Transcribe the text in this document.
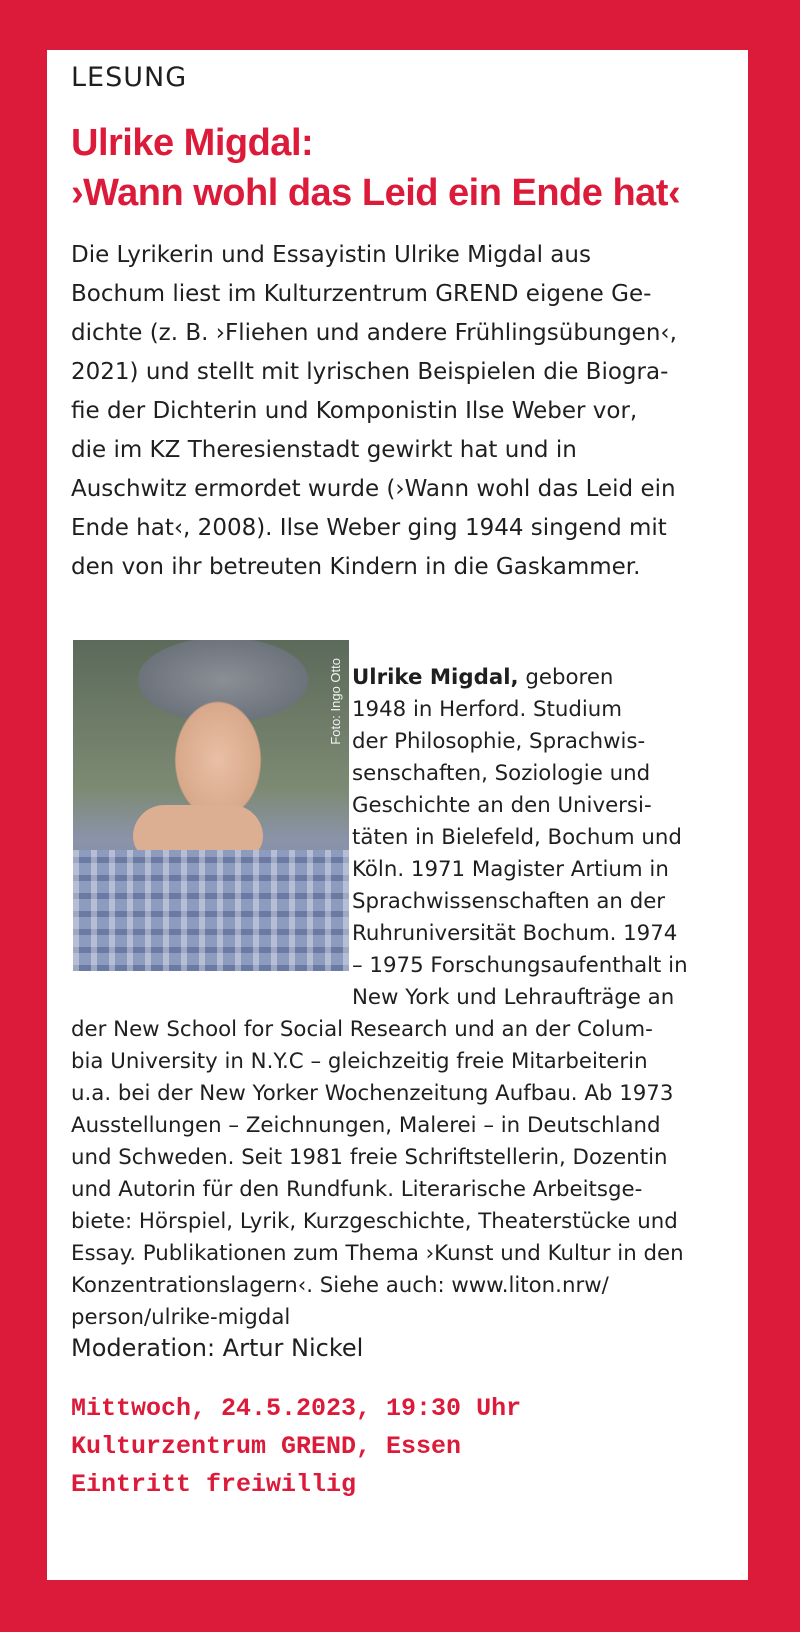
LESUNG
Ulrike Migdal:
›Wann wohl das Leid ein Ende hat‹

Die Lyrikerin und Essayistin Ulrike Migdal aus
Bochum liest im Kulturzentrum GREND eigene Ge-
dichte (z. B. ›Fliehen und andere Frühlingsübungen‹,
2021) und stellt mit lyrischen Beispielen die Biogra-
fie der Dichterin und Komponistin Ilse Weber vor,
die im KZ Theresienstadt gewirkt hat und in
Auschwitz ermordet wurde (›Wann wohl das Leid ein
Ende hat‹, 2008). Ilse Weber ging 1944 singend mit
den von ihr betreuten Kindern in die Gaskammer.

Foto: Ingo Otto Ulrike Migdal, geboren
1948 in Herford. Studium
der Philosophie, Sprachwis-
senschaften, Soziologie und
Geschichte an den Universi-
täten in Bielefeld, Bochum und
Köln. 1971 Magister Artium in
Sprachwissenschaften an der
Ruhruniversität Bochum. 1974
– 1975 Forschungsaufenthalt in
New York und Lehraufträge an
der New School for Social Research und an der Colum-
bia University in N.Y.C – gleichzeitig freie Mitarbeiterin
u.a. bei der New Yorker Wochenzeitung Aufbau. Ab 1973
Ausstellungen – Zeichnungen, Malerei – in Deutschland
und Schweden. Seit 1981 freie Schriftstellerin, Dozentin
und Autorin für den Rundfunk. Literarische Arbeitsge-
biete: Hörspiel, Lyrik, Kurzgeschichte, Theaterstücke und
Essay. Publikationen zum Thema ›Kunst und Kultur in den
Konzentrationslagern‹. Siehe auch: www.liton.nrw/
person/ulrike-migdal

Moderation: Artur Nickel

Mittwoch, 24.5.2023, 19:30 Uhr
Kulturzentrum GREND, Essen
Eintritt freiwillig
